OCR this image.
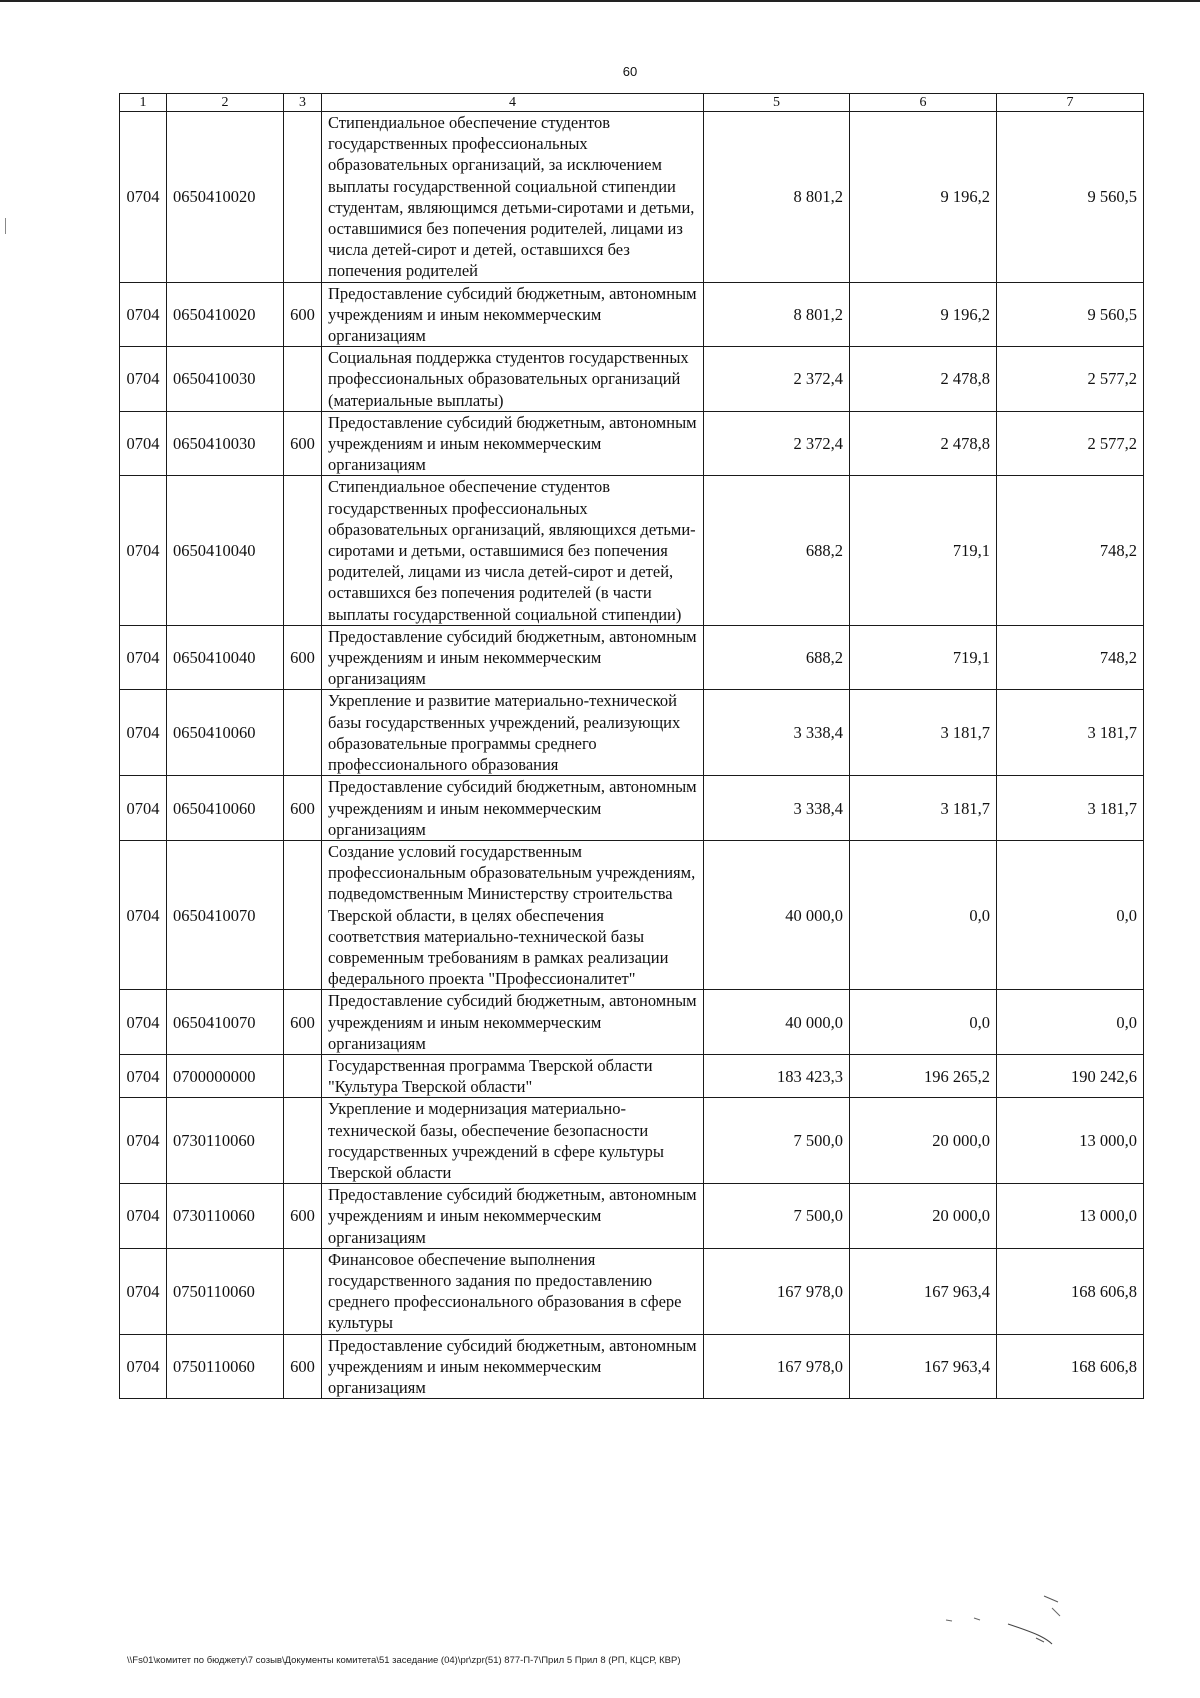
60
1	2	3	4	5	6	7
0704	0650410020		Стипендиальное обеспечение студентов государственных профессиональных образовательных организаций, за исключением выплаты государственной социальной стипендии студентам, являющимся детьми-сиротами и детьми, оставшимися без попечения родителей, лицами из числа детей-сирот и детей, оставшихся без попечения родителей	8 801,2	9 196,2	9 560,5
0704	0650410020	600	Предоставление субсидий бюджетным, автономным учреждениям и иным некоммерческим организациям	8 801,2	9 196,2	9 560,5
0704	0650410030		Социальная поддержка студентов государственных профессиональных образовательных организаций (материальные выплаты)	2 372,4	2 478,8	2 577,2
0704	0650410030	600	Предоставление субсидий бюджетным, автономным учреждениям и иным некоммерческим организациям	2 372,4	2 478,8	2 577,2
0704	0650410040		Стипендиальное обеспечение студентов государственных профессиональных образовательных организаций, являющихся детьми-сиротами и детьми, оставшимися без попечения родителей, лицами из числа детей-сирот и детей, оставшихся без попечения родителей (в части выплаты государственной социальной стипендии)	688,2	719,1	748,2
0704	0650410040	600	Предоставление субсидий бюджетным, автономным учреждениям и иным некоммерческим организациям	688,2	719,1	748,2
0704	0650410060		Укрепление и развитие материально-технической базы государственных учреждений, реализующих образовательные программы среднего профессионального образования	3 338,4	3 181,7	3 181,7
0704	0650410060	600	Предоставление субсидий бюджетным, автономным учреждениям и иным некоммерческим организациям	3 338,4	3 181,7	3 181,7
0704	0650410070		Создание условий государственным профессиональным образовательным учреждениям, подведомственным Министерству строительства Тверской области, в целях обеспечения соответствия материально-технической базы современным требованиям в рамках реализации федерального проекта "Профессионалитет"	40 000,0	0,0	0,0
0704	0650410070	600	Предоставление субсидий бюджетным, автономным учреждениям и иным некоммерческим организациям	40 000,0	0,0	0,0
0704	0700000000		Государственная программа Тверской области "Культура Тверской области"	183 423,3	196 265,2	190 242,6
0704	0730110060		Укрепление и модернизация материально-технической базы, обеспечение безопасности государственных учреждений в сфере культуры Тверской области	7 500,0	20 000,0	13 000,0
0704	0730110060	600	Предоставление субсидий бюджетным, автономным учреждениям и иным некоммерческим организациям	7 500,0	20 000,0	13 000,0
0704	0750110060		Финансовое обеспечение выполнения государственного задания по предоставлению среднего профессионального образования в сфере культуры	167 978,0	167 963,4	168 606,8
0704	0750110060	600	Предоставление субсидий бюджетным, автономным учреждениям и иным некоммерческим организациям	167 978,0	167 963,4	168 606,8
\\Fs01\комитет по бюджету\7 созыв\Документы комитета\51 заседание (04)\pr\zpr(51) 877-П-7\Прил 5 Прил 8 (РП, КЦСР, КВР)
